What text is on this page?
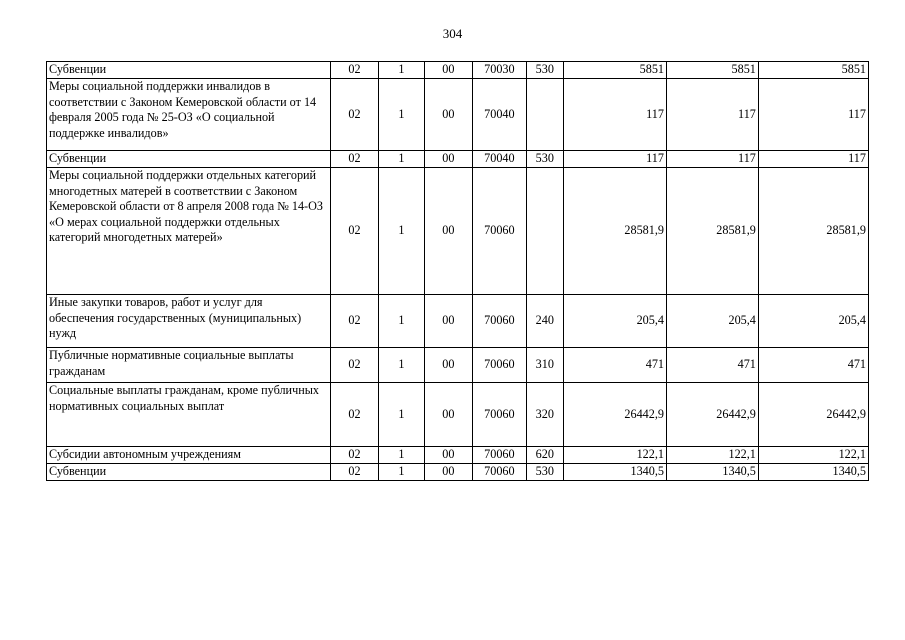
304
Субвенции	02	1	00	70030	530	5851	5851	5851
Меры социальной поддержки инвалидов в соответствии с Законом Кемеровской области от 14 февраля 2005 года № 25-ОЗ «О социальной поддержке инвалидов»	02	1	00	70040		117	117	117
Субвенции	02	1	00	70040	530	117	117	117
Меры социальной поддержки отдельных категорий многодетных матерей в соответствии с Законом Кемеровской области от 8 апреля 2008 года № 14-ОЗ «О мерах социальной поддержки отдельных категорий многодетных матерей»	02	1	00	70060		28581,9	28581,9	28581,9
Иные закупки товаров, работ и услуг для обеспечения государственных (муниципальных) нужд	02	1	00	70060	240	205,4	205,4	205,4
Публичные нормативные социальные выплаты гражданам	02	1	00	70060	310	471	471	471
Социальные выплаты гражданам, кроме публичных нормативных социальных выплат	02	1	00	70060	320	26442,9	26442,9	26442,9
Субсидии автономным учреждениям	02	1	00	70060	620	122,1	122,1	122,1
Субвенции	02	1	00	70060	530	1340,5	1340,5	1340,5
